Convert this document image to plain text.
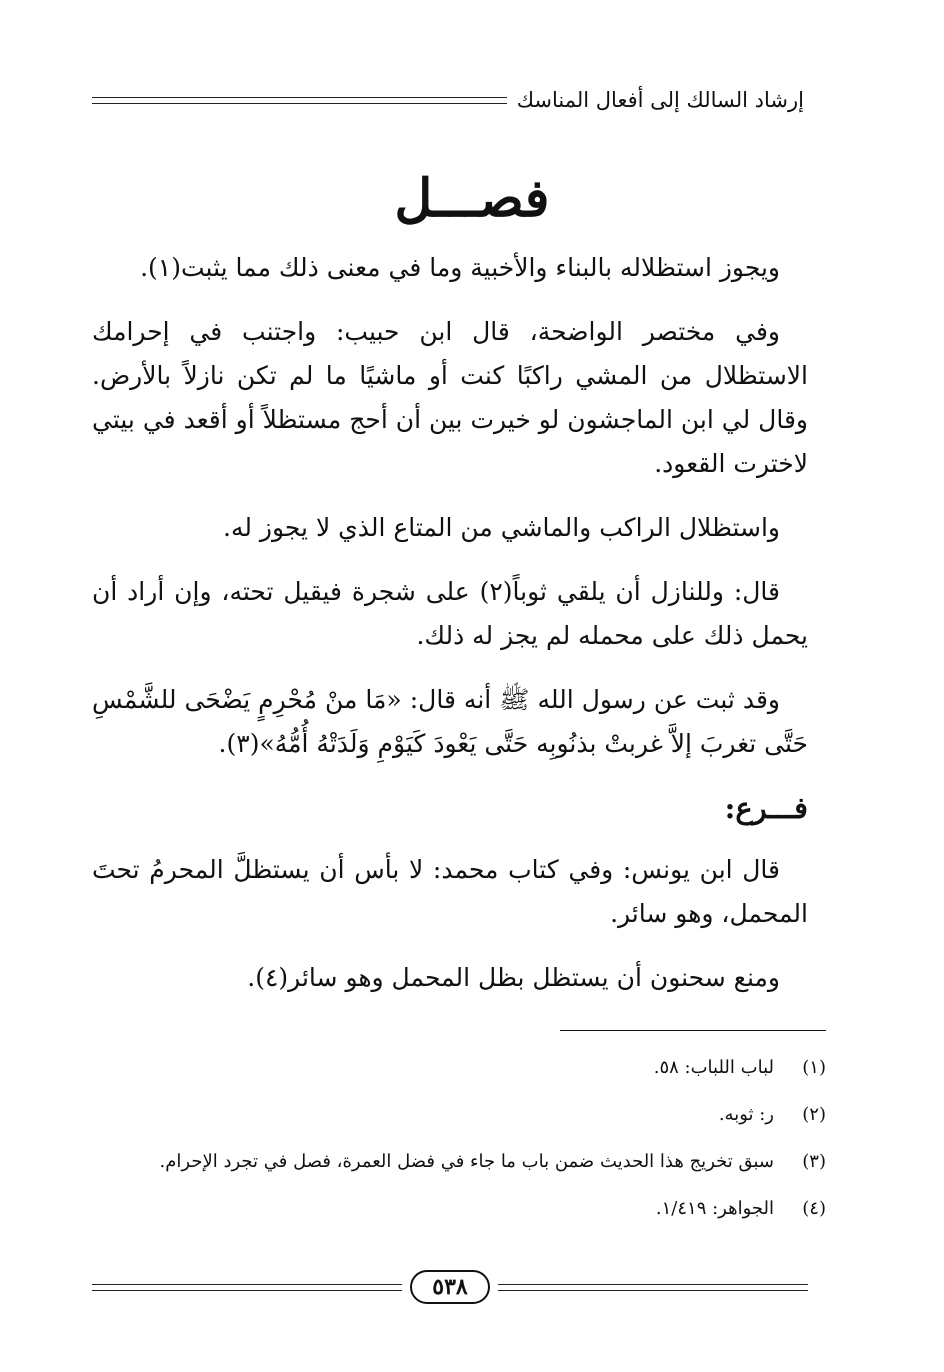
إرشاد السالك إلى أفعال المناسك
فصـــل

ويجوز استظلاله بالبناء والأخبية وما في معنى ذلك مما يثبت(١).

وفي مختصر الواضحة، قال ابن حبيب: واجتنب في إحرامك الاستظلال من المشي راكبًا كنت أو ماشيًا ما لم تكن نازلاً بالأرض. وقال لي ابن الماجشون لو خيرت بين أن أحج مستظلاً أو أقعد في بيتي لاخترت القعود.

واستظلال الراكب والماشي من المتاع الذي لا يجوز له.

قال: وللنازل أن يلقي ثوباً(٢) على شجرة فيقيل تحته، وإن أراد أن يحمل ذلك على محمله لم يجز له ذلك.

وقد ثبت عن رسول الله ﷺ أنه قال: «مَا منْ مُحْرِمٍ يَضْحَى للشَّمْسِ حَتَّى تغربَ إلاَّ غربتْ بذنُوبِه حَتَّى يَعْودَ كَيَوْمِ وَلَدَتْهُ أُمُّهُ»(٣).

فـــرع:

قال ابن يونس: وفي كتاب محمد: لا بأس أن يستظلَّ المحرمُ تحتَ المحمل، وهو سائر.

ومنع سحنون أن يستظل بظل المحمل وهو سائر(٤).

(١)
لباب اللباب: ٥٨.
(٢)
ر: ثوبه.
(٣)
سبق تخريج هذا الحديث ضمن باب ما جاء في فضل العمرة، فصل في تجرد الإحرام.
(٤)
الجواهر: ١/٤١٩.
٥٣٨
